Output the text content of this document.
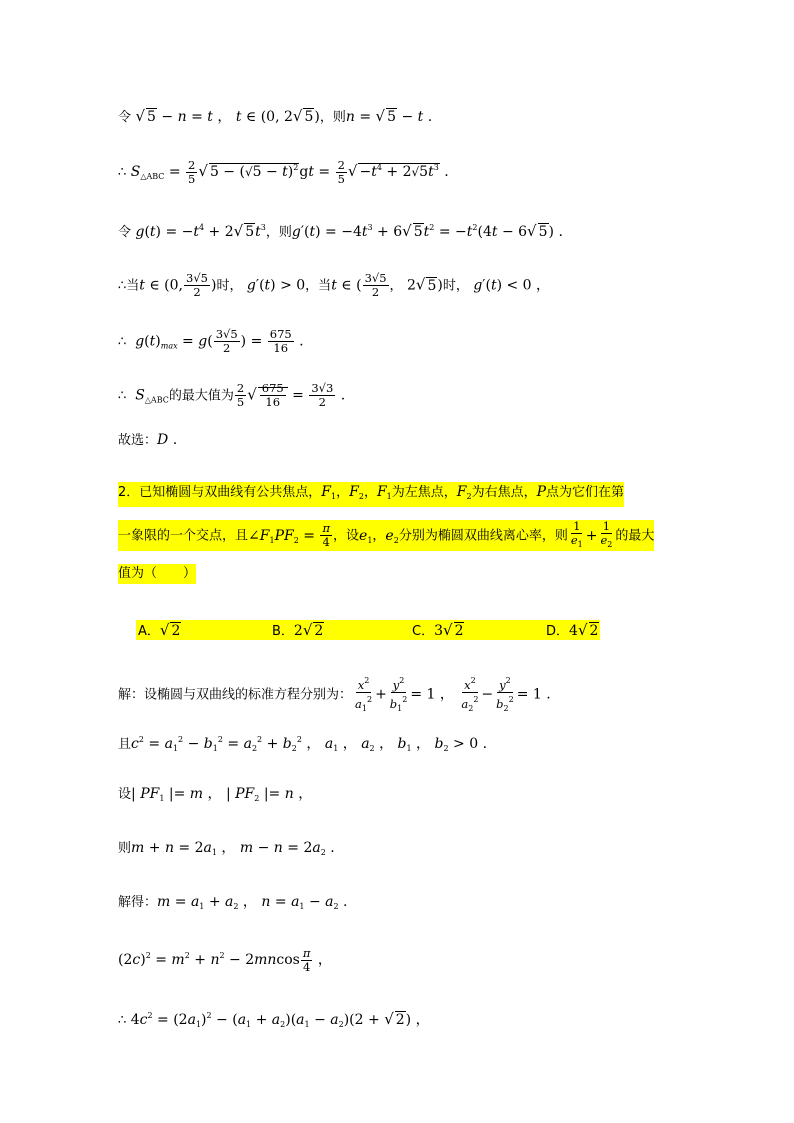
令 √ 5 − n = t ， t ∈ (0, 2√ 5)，则n = √ 5 − t .
∴ $S_{\triangle ABC} = \frac{2}{5}$ √ $5 - (√5 - t)^2gt = \frac{2}{5}$ √ $-t^4 + 2√5t^3$ .
令 $g(t) = -t^4 + 2√$ $5t^3$，则$g'(t) = -4t^3 + 6√$ $5t^2 = -t^2(4t - 6√$ 5) .
∴当t ∈ (0, $\frac{3√5}{2}$ )时， g′(t) > 0，当t ∈ ( $\frac{3√5}{2}$ ， 2√ 5)时， g′(t) < 0 ，
∴ $g(t)_{max} = g( \frac{3√5}{2}$ ) = $\frac{675}{16}$ .
∴ $S_{\triangle ABC}$的最大值为 $\frac{2}{5}$ √ $\frac{675}{16} = \frac{3√3}{2}$ .
故选：D .
2．已知椭圆与双曲线有公共焦点，$F_1$，$F_2$，$F_1$为左焦点，$F_2$为右焦点，P点为它们在第
一象限的一个交点，且$\angle F_1PF_2 = \frac{\pi}{4}$ ，设$e_1$，$e_2$分别为椭圆双曲线离心率，则 $\frac{1}{e_1} + \frac{1}{e_2}$ 的最大
值为（　　）
A．√ 2	B．2√ 2	C．3√ 2	D．4√ 2
解：设椭圆与双曲线的标准方程分别为： $\frac{x^2}{a_1^2} + \frac{y^2}{b_1^2} = 1$ ， $\frac{x^2}{a_2^2} - \frac{y^2}{b_2^2} = 1$ .
且$c^2 = a_1^2 - b_1^2 = a_2^2 + b_2^2$ ， $a_1$ ， $a_2$ ， $b_1$ ， $b_2 > 0$ .
设| $PF_1$ |= m ， | $PF_2$ |= n ，
则$m + n = 2a_1$ ， $m - n = 2a_2$ .
解得：$m = a_1 + a_2$ ， $n = a_1 - a_2$ .
$(2c)^2 = m^2 + n^2 - 2mncos \frac{\pi}{4}$ ，
∴ $4c^2 = (2a_1)^2 - (a_1 + a_2)(a_1 - a_2)(2$ + √ 2) ，
